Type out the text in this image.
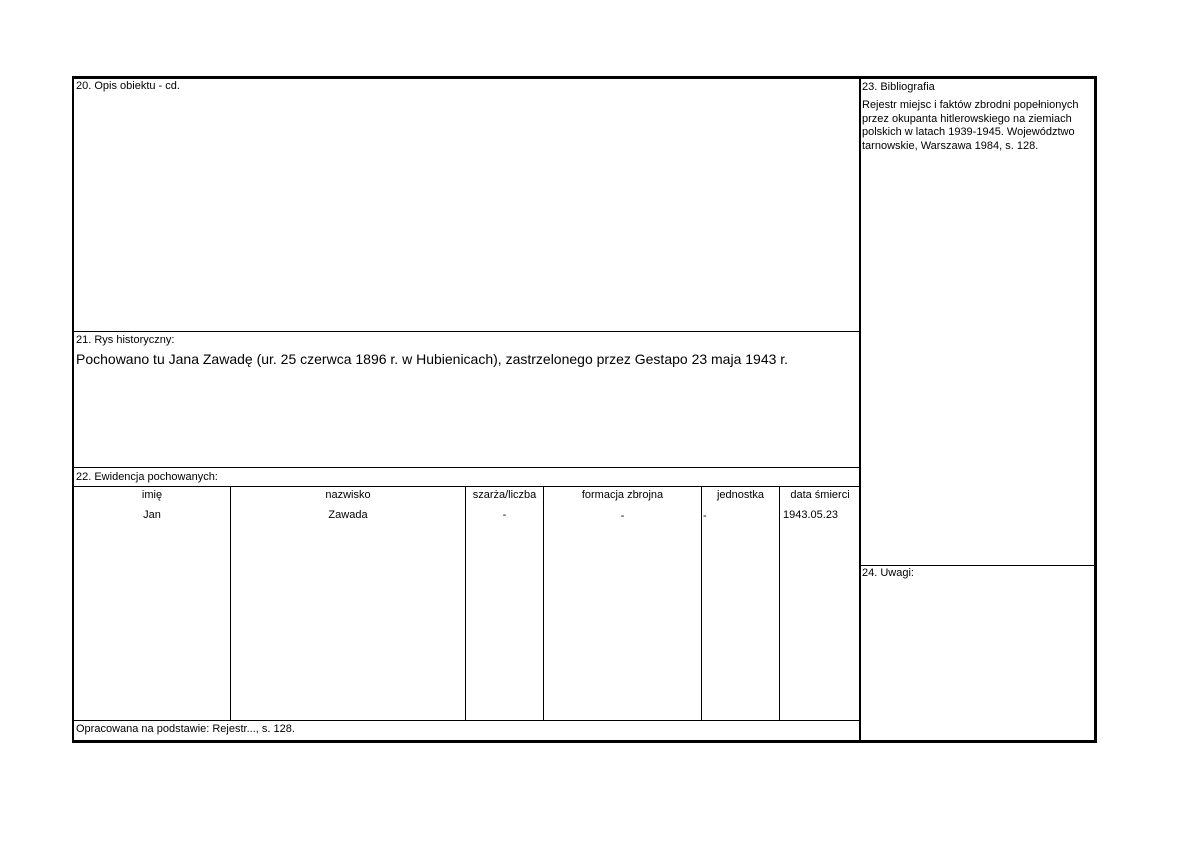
20. Opis obiektu - cd.
21. Rys historyczny:
Pochowano tu Jana Zawadę (ur. 25 czerwca 1896 r. w Hubienicach), zastrzelonego przez Gestapo 23 maja 1943 r.
22. Ewidencja pochowanych:
imię	nazwisko	szarża/liczba	formacja zbrojna	jednostka	data śmierci
Jan	Zawada	-	-	-	1943.05.23
Opracowana na podstawie: Rejestr..., s. 128.
23. Bibliografia
Rejestr miejsc i faktów zbrodni popełnionych przez okupanta hitlerowskiego na ziemiach polskich w latach 1939-1945. Województwo tarnowskie, Warszawa 1984, s. 128.
24. Uwagi:
